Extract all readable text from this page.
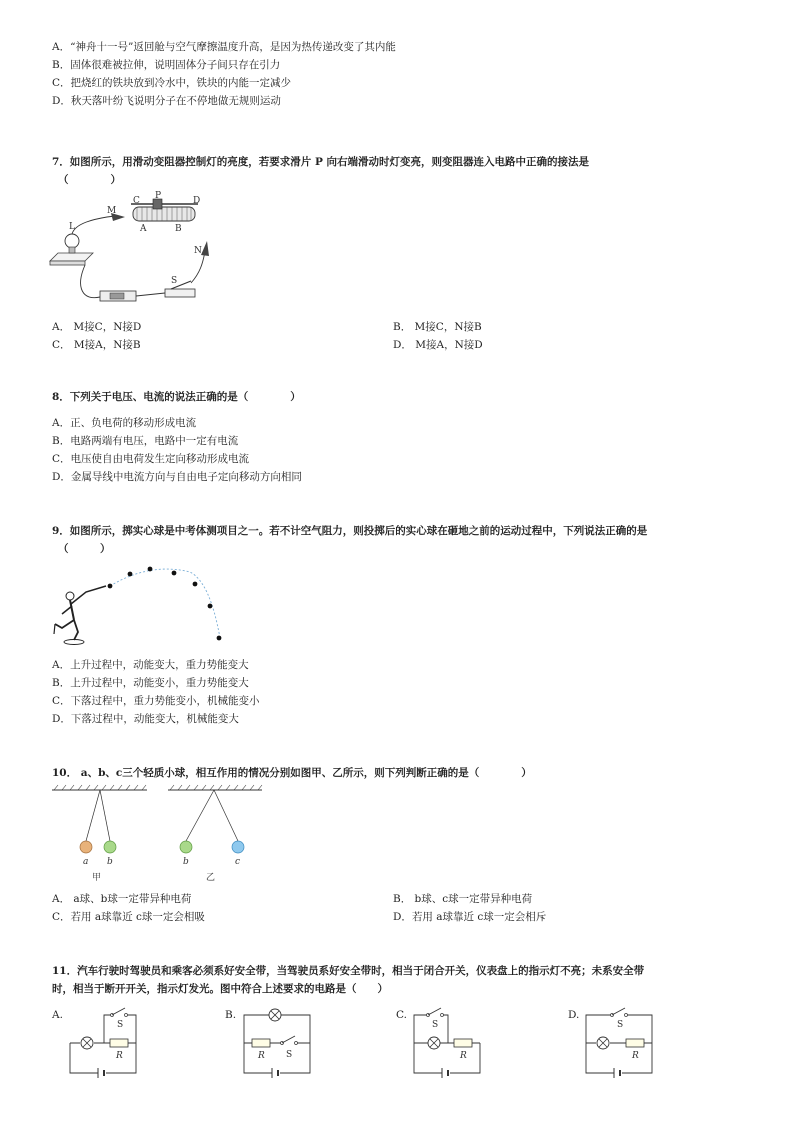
A．“神舟十一号”返回舱与空气摩擦温度升高，是因为热传递改变了其内能
B．固体很难被拉伸，说明固体分子间只存在引力
C．把烧红的铁块放到冷水中，铁块的内能一定减少
D．秋天落叶纷飞说明分子在不停地做无规则运动
7．如图所示，用滑动变阻器控制灯的亮度，若要求滑片 P 向右端滑动时灯变亮，则变阻器连入电路中正确的接法是
（　　　　）
L
C P	D
A	B
M
S
N
A． M接C，N接D	B． M接C，N接B
C． M接A，N接B	D． M接A，N接D
8．下列关于电压、电流的说法正确的是（　　　　）
A．正、负电荷的移动形成电流
B．电路两端有电压，电路中一定有电流
C．电压使自由电荷发生定向移动形成电流
D．金属导线中电流方向与自由电子定向移动方向相同
9．如图所示，掷实心球是中考体测项目之一。若不计空气阻力，则投掷后的实心球在砸地之前的运动过程中，下列说法正确的是
（　　　）
A．上升过程中，动能变大，重力势能变大
B．上升过程中，动能变小，重力势能变大
C．下落过程中，重力势能变小，机械能变小
D．下落过程中，动能变大，机械能变大
10． a、b、c三个轻质小球，相互作用的情况分别如图甲、乙所示，则下列判断正确的是（　　　　）
a b
甲
b	c
乙
A． a球、b球一定带异种电荷	B． b球、c球一定带异种电荷
C．若用 a球靠近 c球一定会相吸	D．若用 a球靠近 c球一定会相斥
11．汽车行驶时驾驶员和乘客必须系好安全带，当驾驶员系好安全带时，相当于闭合开关，仪表盘上的指示灯不亮；未系安全带
时，相当于断开开关，指示灯发光。图中符合上述要求的电路是（　　）
A.
R
S
B.
R S
C.
R
S
D.
R
S
